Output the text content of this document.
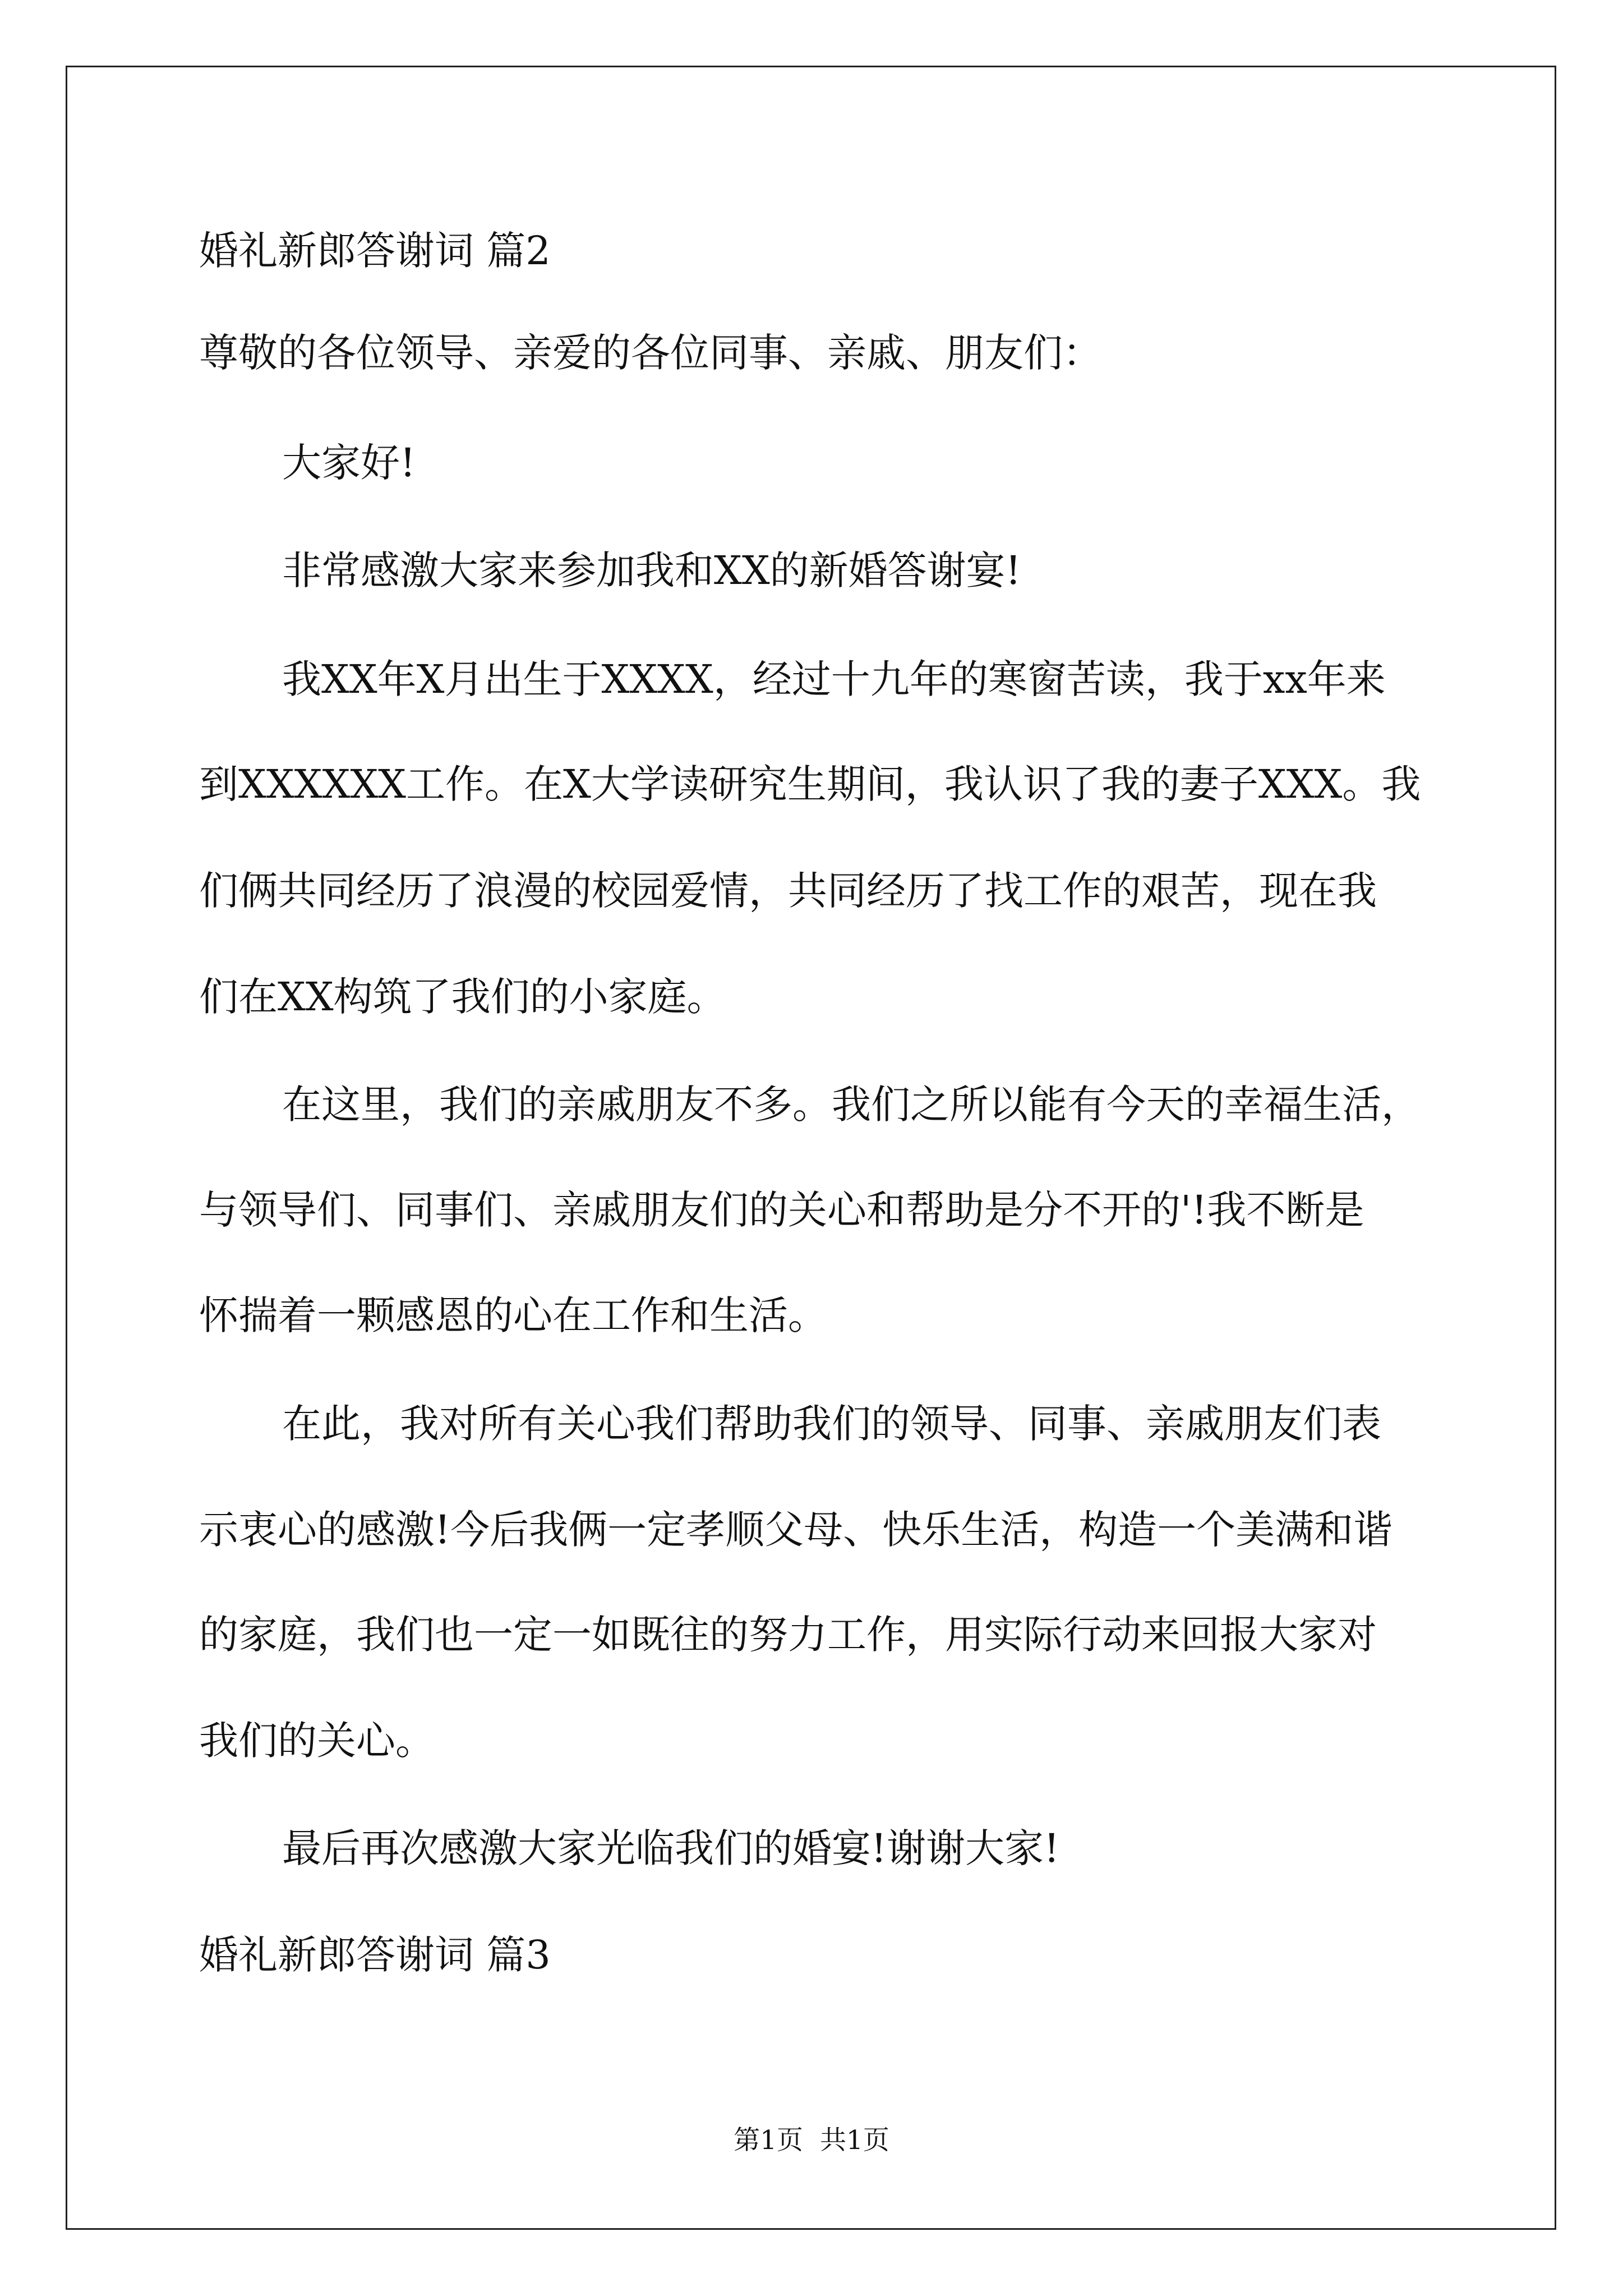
婚礼新郎答谢词 篇2
尊敬的各位领导、亲爱的各位同事、亲戚、朋友们：
大家好!
非常感激大家来参加我和XX的新婚答谢宴!
我XX年X月出生于XXXX，经过十九年的寒窗苦读，我于xx年来
到XXXXXX工作。在X大学读研究生期间，我认识了我的妻子XXX。我
们俩共同经历了浪漫的校园爱情，共同经历了找工作的艰苦，现在我
们在XX构筑了我们的小家庭。
在这里，我们的亲戚朋友不多。我们之所以能有今天的幸福生活，
与领导们、同事们、亲戚朋友们的关心和帮助是分不开的'!我不断是
怀揣着一颗感恩的心在工作和生活。
在此，我对所有关心我们帮助我们的领导、同事、亲戚朋友们表
示衷心的感激!今后我俩一定孝顺父母、快乐生活，构造一个美满和谐
的家庭，我们也一定一如既往的努力工作，用实际行动来回报大家对
我们的关心。
最后再次感激大家光临我们的婚宴!谢谢大家!
婚礼新郎答谢词 篇3
第1页  共1页
